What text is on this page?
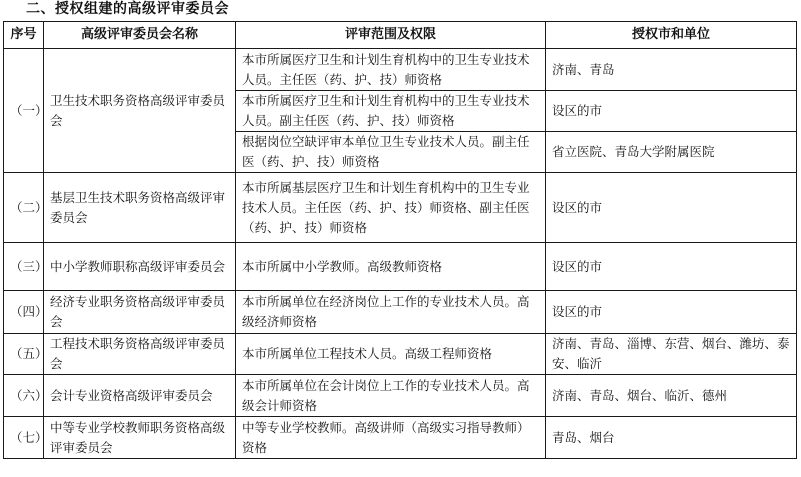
二、授权组建的高级评审委员会
序号	高级评审委员会名称	评审范围及权限	授权市和单位
（一）	卫生技术职务资格高级评审委员会	本市所属医疗卫生和计划生育机构中的卫生专业技术人员。主任医（药、护、技）师资格	济南、青岛
		本市所属医疗卫生和计划生育机构中的卫生专业技术人员。副主任医（药、护、技）师资格	设区的市
		根据岗位空缺评审本单位卫生专业技术人员。副主任医（药、护、技）师资格	省立医院、青岛大学附属医院
（二）	基层卫生技术职务资格高级评审委员会	本市所属基层医疗卫生和计划生育机构中的卫生专业技术人员。主任医（药、护、技）师资格、副主任医（药、护、技）师资格	设区的市
（三）	中小学教师职称高级评审委员会	本市所属中小学教师。高级教师资格	设区的市
（四）	经济专业职务资格高级评审委员会	本市所属单位在经济岗位上工作的专业技术人员。高级经济师资格	设区的市
（五）	工程技术职务资格高级评审委员会	本市所属单位工程技术人员。高级工程师资格	济南、青岛、淄博、东营、烟台、潍坊、泰安、临沂
（六）	会计专业资格高级评审委员会	本市所属单位在会计岗位上工作的专业技术人员。高级会计师资格	济南、青岛、烟台、临沂、德州
（七）	中等专业学校教师职务资格高级评审委员会	中等专业学校教师。高级讲师（高级实习指导教师）资格	青岛、烟台
